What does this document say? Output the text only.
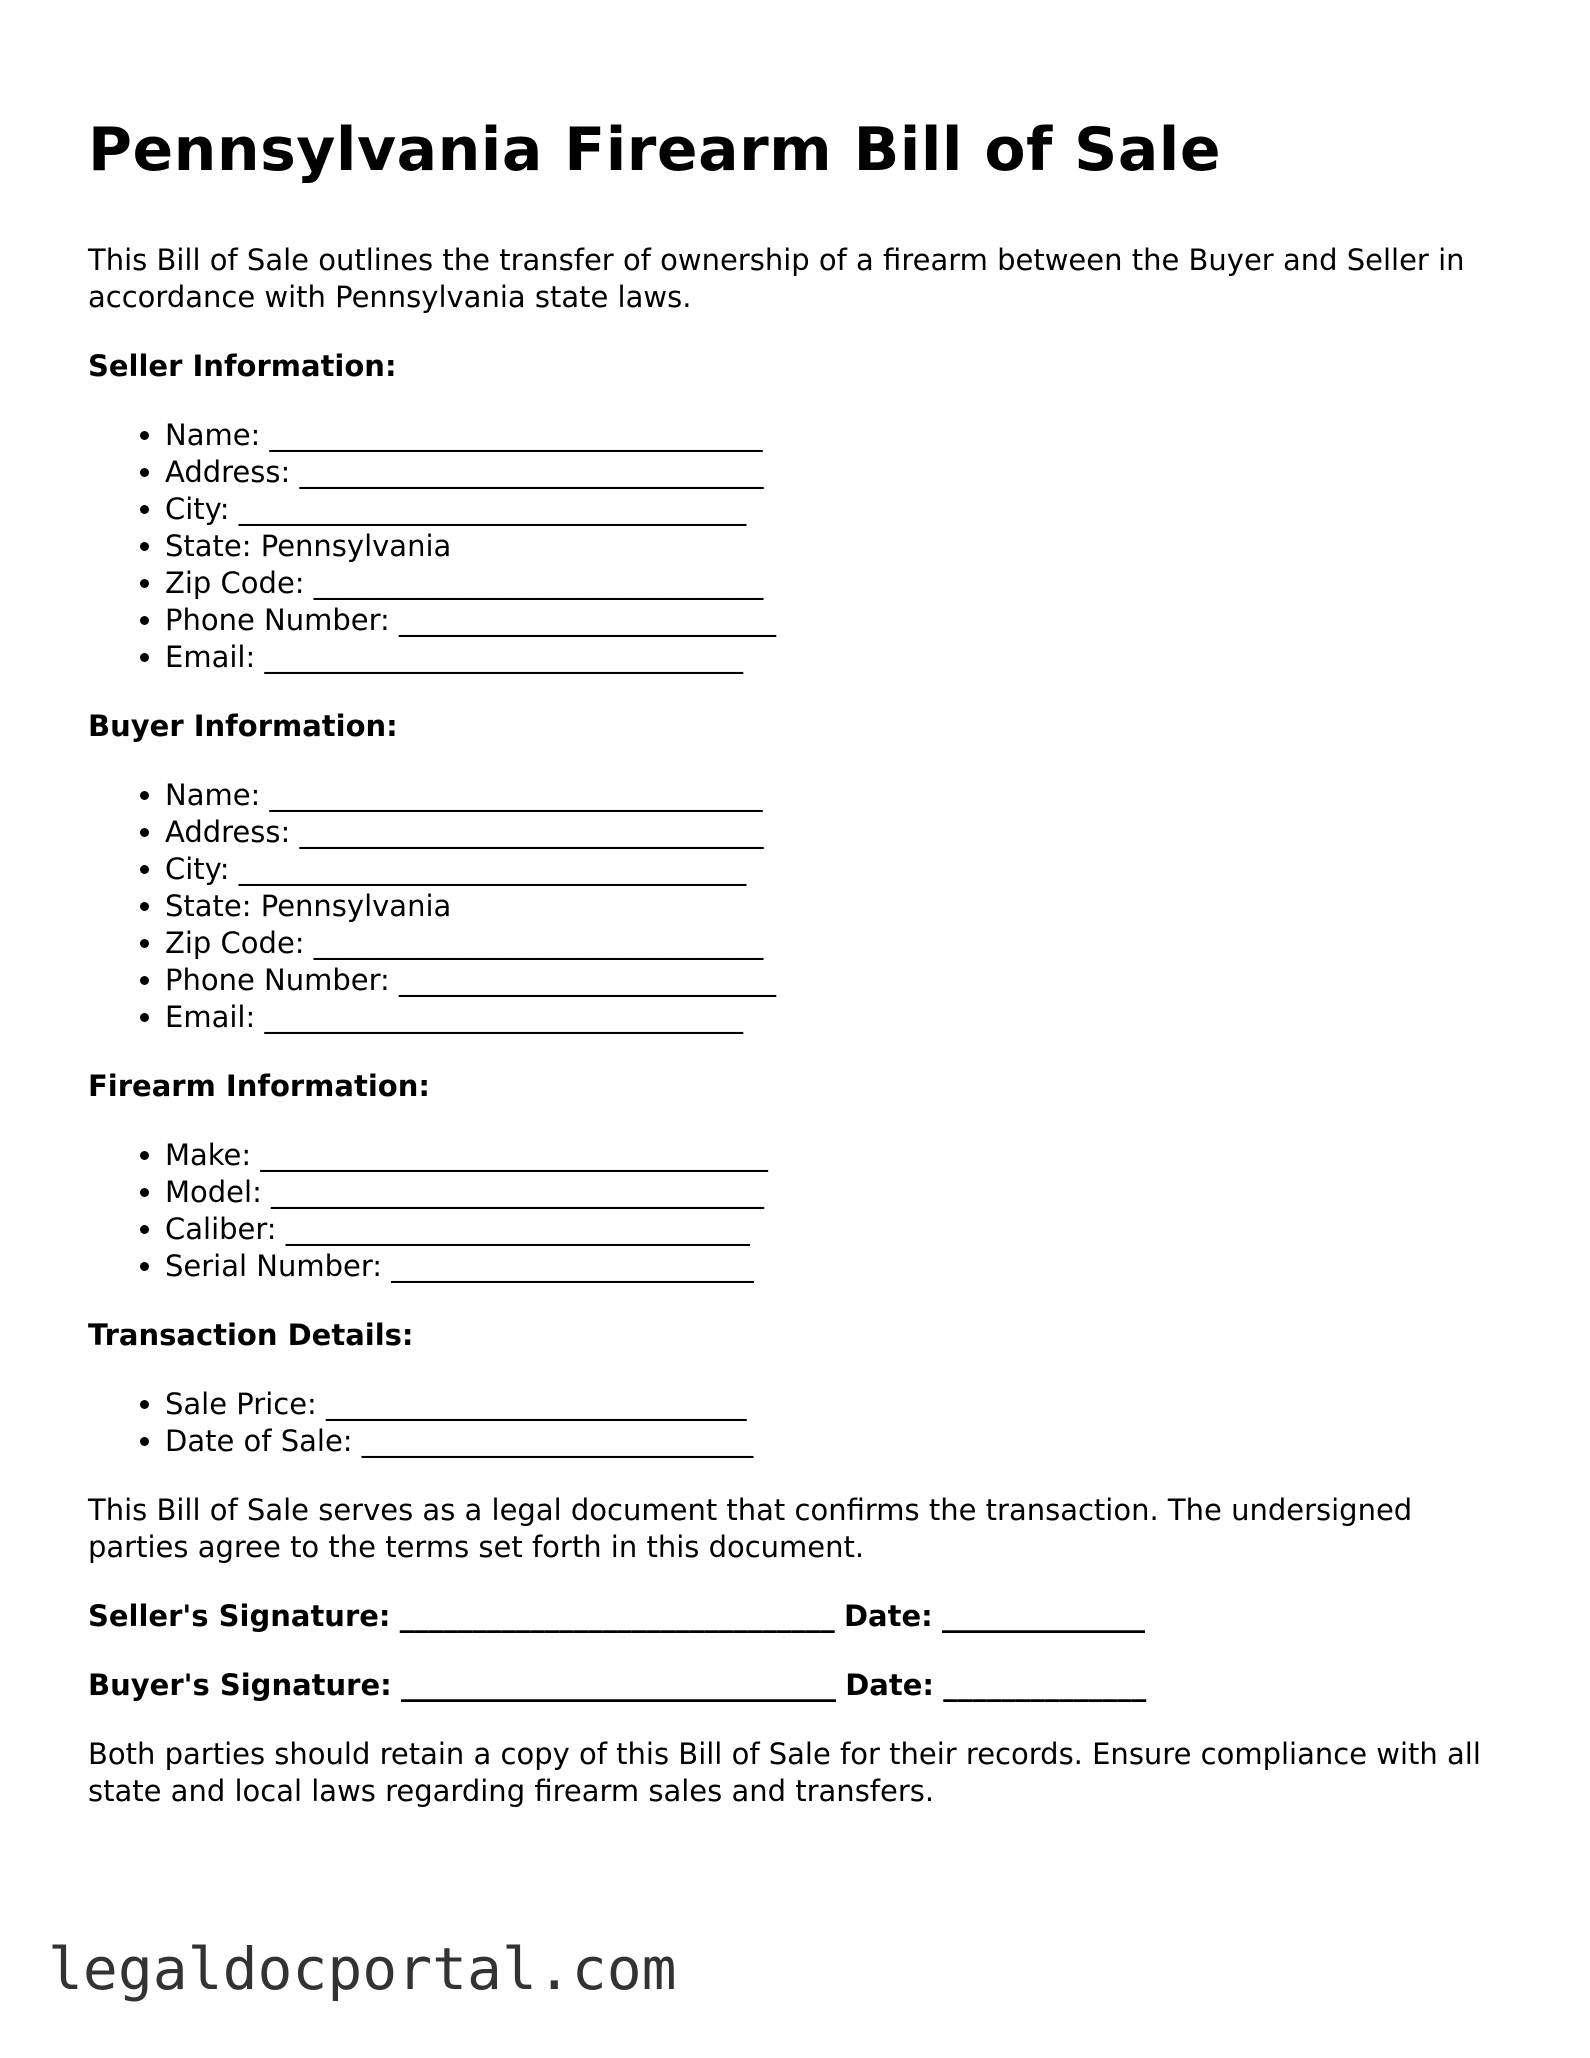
Pennsylvania Firearm Bill of Sale

This Bill of Sale outlines the transfer of ownership of a firearm between the Buyer and Seller in accordance with Pennsylvania state laws.

Seller Information:
• Name: __________________________________
• Address: ________________________________
• City: ___________________________________
• State: Pennsylvania
• Zip Code: _______________________________
• Phone Number: __________________________
• Email: _________________________________
Buyer Information:
• Name: __________________________________
• Address: ________________________________
• City: ___________________________________
• State: Pennsylvania
• Zip Code: _______________________________
• Phone Number: __________________________
• Email: _________________________________
Firearm Information:
• Make: ___________________________________
• Model: __________________________________
• Caliber: ________________________________
• Serial Number: _________________________
Transaction Details:
• Sale Price: _____________________________
• Date of Sale: ___________________________

This Bill of Sale serves as a legal document that confirms the transaction. The undersigned parties agree to the terms set forth in this document.

Seller's Signature: ______________________________ Date: ______________
Buyer's Signature: ______________________________ Date: ______________

Both parties should retain a copy of this Bill of Sale for their records. Ensure compliance with all state and local laws regarding firearm sales and transfers.

legaldocportal.com
